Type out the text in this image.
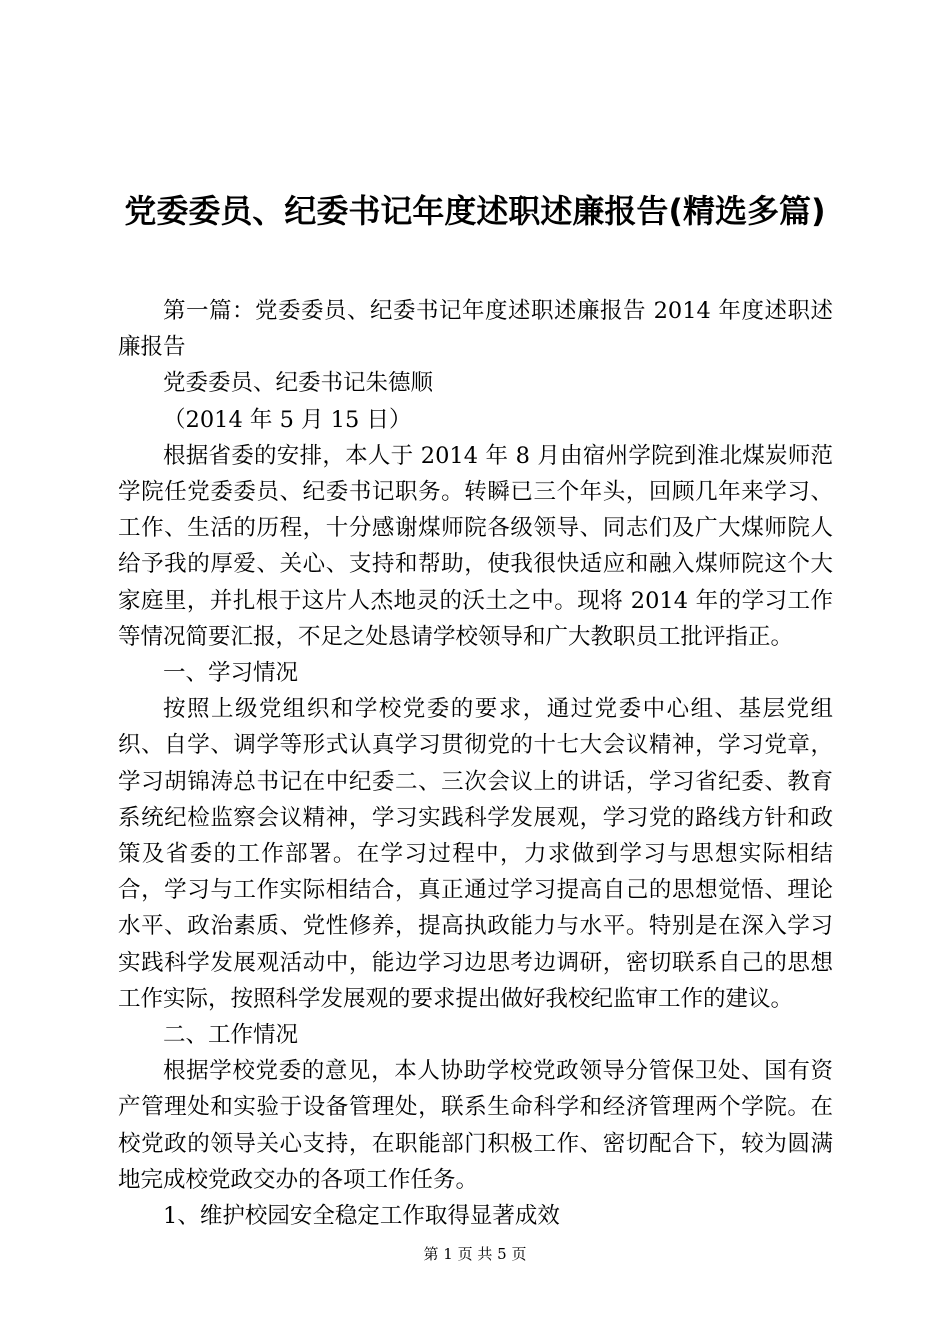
党委委员、纪委书记年度述职述廉报告(精选多篇)

第一篇：党委委员、纪委书记年度述职述廉报告 2014 年度述职述廉报告

党委委员、纪委书记朱德顺

（2014 年 5 月 15 日）

根据省委的安排，本人于 2014 年 8 月由宿州学院到淮北煤炭师范学院任党委委员、纪委书记职务。转瞬已三个年头，回顾几年来学习、工作、生活的历程，十分感谢煤师院各级领导、同志们及广大煤师院人给予我的厚爱、关心、支持和帮助，使我很快适应和融入煤师院这个大家庭里，并扎根于这片人杰地灵的沃土之中。现将 2014 年的学习工作等情况简要汇报，不足之处恳请学校领导和广大教职员工批评指正。

一、学习情况

按照上级党组织和学校党委的要求，通过党委中心组、基层党组织、自学、调学等形式认真学习贯彻党的十七大会议精神，学习党章，学习胡锦涛总书记在中纪委二、三次会议上的讲话，学习省纪委、教育系统纪检监察会议精神，学习实践科学发展观，学习党的路线方针和政策及省委的工作部署。在学习过程中，力求做到学习与思想实际相结合，学习与工作实际相结合，真正通过学习提高自己的思想觉悟、理论水平、政治素质、党性修养，提高执政能力与水平。特别是在深入学习实践科学发展观活动中，能边学习边思考边调研，密切联系自己的思想工作实际，按照科学发展观的要求提出做好我校纪监审工作的建议。

二、工作情况

根据学校党委的意见，本人协助学校党政领导分管保卫处、国有资产管理处和实验于设备管理处，联系生命科学和经济管理两个学院。在校党政的领导关心支持，在职能部门积极工作、密切配合下，较为圆满地完成校党政交办的各项工作任务。

1、维护校园安全稳定工作取得显著成效

第 1 页 共 5 页
